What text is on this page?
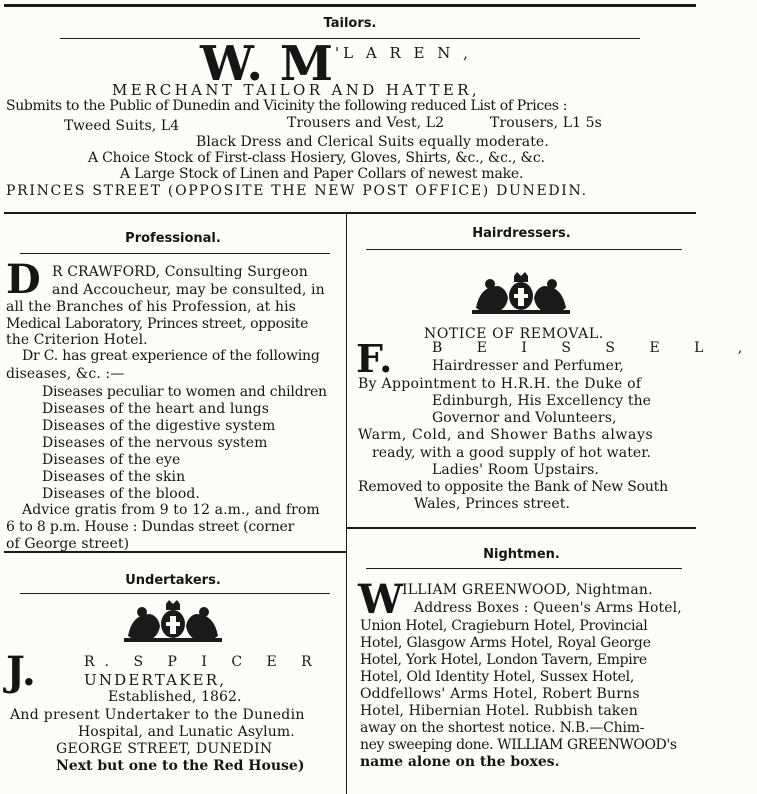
Tailors.
W. M 'L A R E N ,
MERCHANT TAILOR AND HATTER,
Submits to the Public of Dunedin and Vicinity the following reduced List of Prices :
Tweed Suits, L4	Trousers and Vest, L2	Trousers, L1 5s
Black Dress and Clerical Suits equally moderate.
A Choice Stock of First-class Hosiery, Gloves, Shirts, &c., &c., &c.
A Large Stock of Linen and Paper Collars of newest make.
PRINCES STREET (OPPOSITE THE NEW POST OFFICE) DUNEDIN.
Professional.
D R CRAWFORD, Consulting Surgeon
and Accoucheur, may be consulted, in
all the Branches of his Profession, at his
Medical Laboratory, Princes street, opposite
the Criterion Hotel.
Dr C. has great experience of the following
diseases, &c. :—
Diseases peculiar to women and children
Diseases of the heart and lungs
Diseases of the digestive system
Diseases of the nervous system
Diseases of the eye
Diseases of the skin
Diseases of the blood.
Advice gratis from 9 to 12 a.m., and from
6 to 8 p.m. House : Dundas street (corner
of George street)
Undertakers.
J.	R. S P I C E R
UNDERTAKER,
Established, 1862.
And present Undertaker to the Dunedin
Hospital, and Lunatic Asylum.
GEORGE STREET, DUNEDIN
Next but one to the Red House)
Hairdressers.
NOTICE OF REMOVAL.
F.	B E I S S E L ,
Hairdresser and Perfumer,
By Appointment to H.R.H. the Duke of
Edinburgh, His Excellency the
Governor and Volunteers,
Warm, Cold, and Shower Baths always
ready, with a good supply of hot water.
Ladies' Room Upstairs.
Removed to opposite the Bank of New South
Wales, Princes street.
Nightmen.
W ILLIAM GREENWOOD, Nightman.
Address Boxes : Queen's Arms Hotel,
Union Hotel, Cragieburn Hotel, Provincial
Hotel, Glasgow Arms Hotel, Royal George
Hotel, York Hotel, London Tavern, Empire
Hotel, Old Identity Hotel, Sussex Hotel,
Oddfellows' Arms Hotel, Robert Burns
Hotel, Hibernian Hotel. Rubbish taken
away on the shortest notice. N.B.—Chim-
ney sweeping done. WILLIAM GREENWOOD's
name alone on the boxes.
